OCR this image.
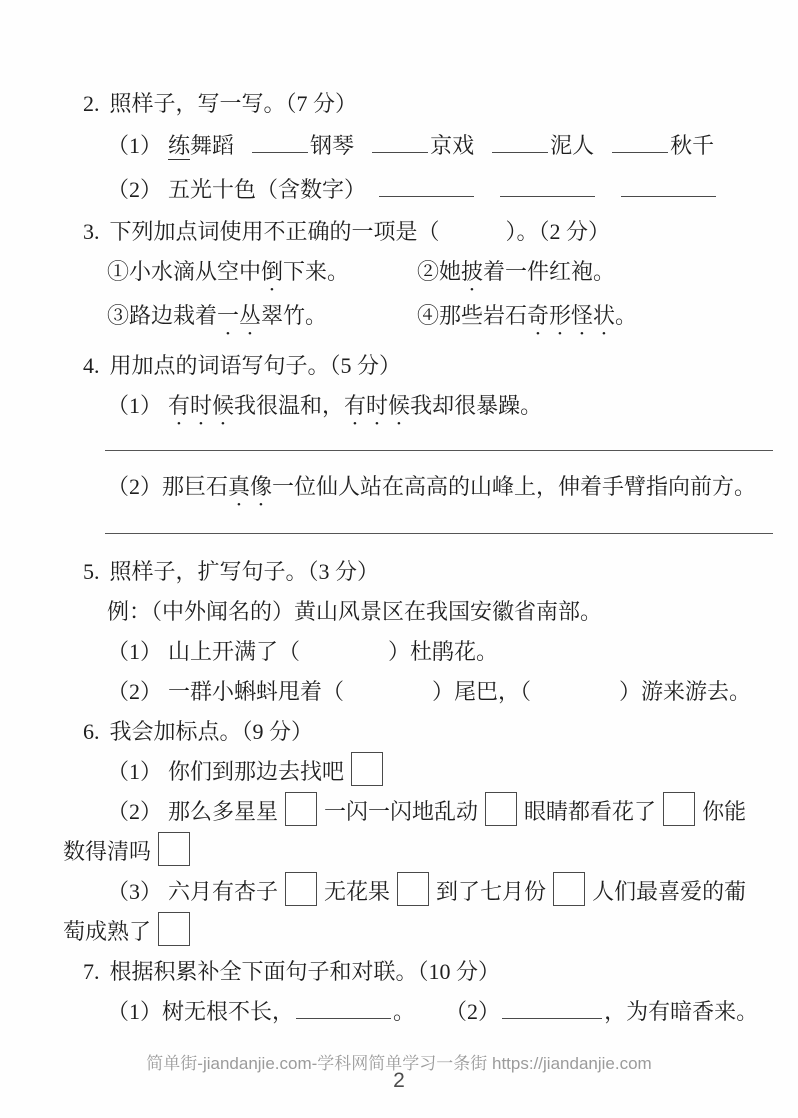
2. 照样子，写一写。（7 分）
（1） 练舞蹈	钢琴	京戏	泥人	秋千
（2） 五光十色（含数字）
3. 下列加点词使用不正确的一项是（　　　）。（2 分）
①小水滴从空中倒下来。	②她披着一件红袍。
③路边栽着一丛翠竹。	④那些岩石奇形怪状。
4. 用加点的词语写句子。（5 分）
（1） 有时候我很温和，有时候我却很暴躁。
（2）那巨石真像一位仙人站在高高的山峰上，伸着手臂指向前方。
5. 照样子，扩写句子。（3 分）
例：（中外闻名的）黄山风景区在我国安徽省南部。
（1） 山上开满了（　　　　）杜鹃花。
（2） 一群小蝌蚪甩着（　　　　）尾巴，（　　　　）游来游去。
6. 我会加标点。（9 分）
（1） 你们到那边去找吧
（2） 那么多星星 一闪一闪地乱动 眼睛都看花了 你能
数得清吗
（3） 六月有杏子 无花果 到了七月份 人们最喜爱的葡
萄成熟了
7. 根据积累补全下面句子和对联。（10 分）
（1）树无根不长，	。 （2）	，为有暗香来。
简单街-jiandanjie.com-学科网简单学习一条街 https://jiandanjie.com
2
